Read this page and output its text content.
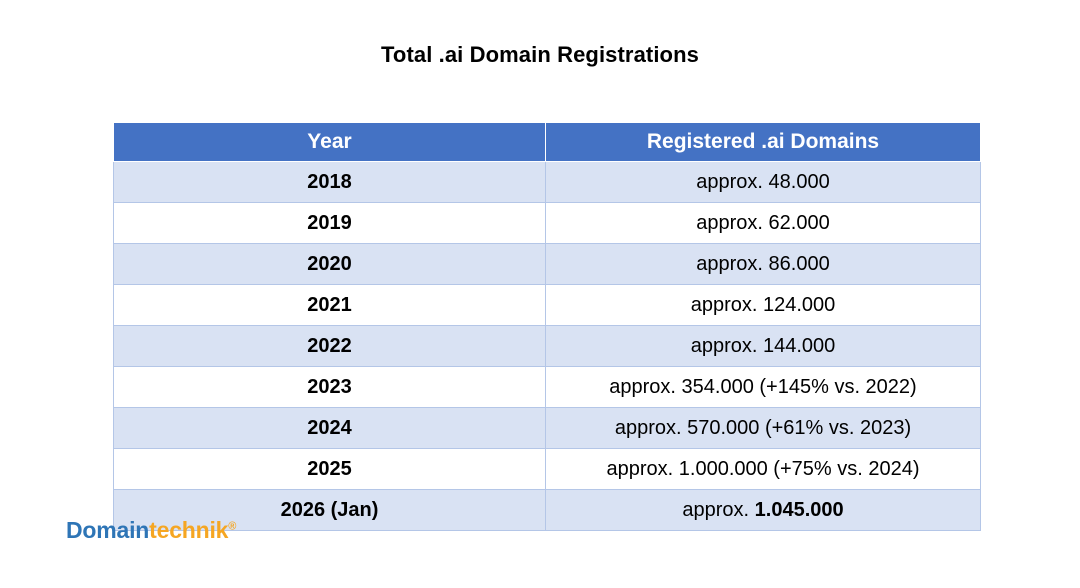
Total .ai Domain Registrations
Year	Registered .ai Domains
2018	approx. 48.000
2019	approx. 62.000
2020	approx. 86.000
2021	approx. 124.000
2022	approx. 144.000
2023	approx. 354.000 (+145% vs. 2022)
2024	approx. 570.000 (+61% vs. 2023)
2025	approx. 1.000.000 (+75% vs. 2024)
2026 (Jan)	approx. 1.045.000
Domaintechnik®
